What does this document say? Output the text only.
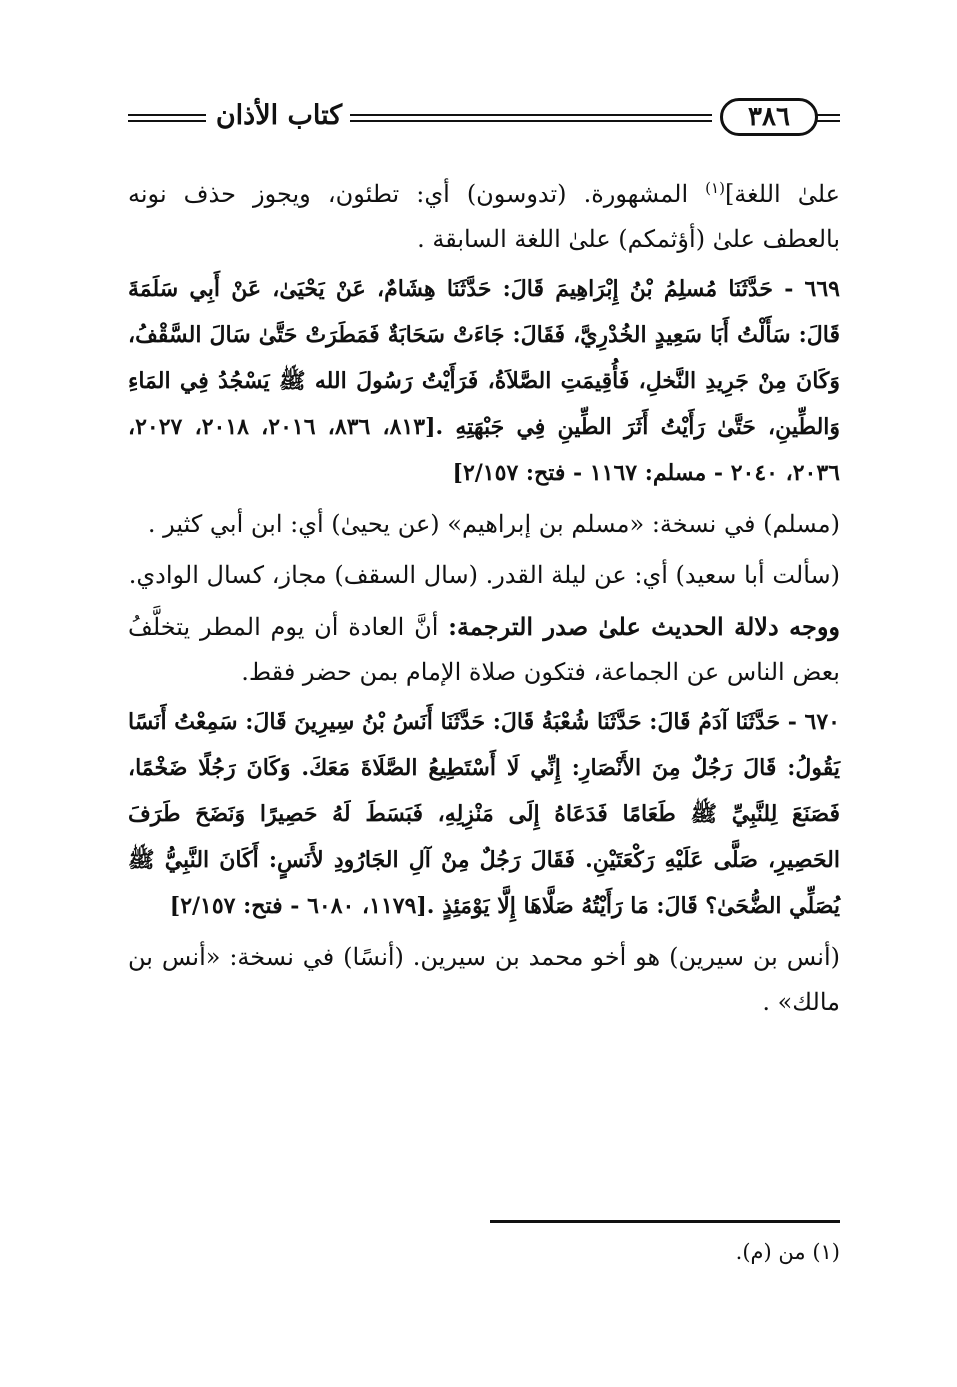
كتاب الأذان	٣٨٦

علىٰ اللغة]$^{(١)}$ المشهورة. (تدوسون) أي: تطئون، ويجوز حذف نونه بالعطف علىٰ (أؤثمكم) علىٰ اللغة السابقة .

٦٦٩ - حَدَّثَنَا مُسلِمُ بْنُ إِبْرَاهِيمَ قَالَ: حَدَّثَنَا هِشَامٌ، عَنْ يَحْيَىٰ، عَنْ أَبِي سَلَمَةَ قَالَ: سَأَلْتُ أَبَا سَعِيدٍ الخُدْرِيَّ، فَقَالَ: جَاءَتْ سَحَابَةٌ فَمَطَرَتْ حَتَّىٰ سَالَ السَّقْفُ، وَكَانَ مِنْ جَرِيدِ النَّخلِ، فَأُقِيمَتِ الصَّلاَةُ، فَرَأَيْتُ رَسُولَ الله ﷺ يَسْجُدُ فِي المَاءِ وَالطِّينِ، حَتَّىٰ رَأَيْتُ أَثَرَ الطِّينِ فِي جَبْهَتِهِ .[٨١٣، ٨٣٦، ٢٠١٦، ٢٠١٨، ٢٠٢٧، ٢٠٣٦، ٢٠٤٠ - مسلم: ١١٦٧ - فتح: ٢/١٥٧]

(مسلم) في نسخة: «مسلم بن إبراهيم» (عن يحيىٰ) أي: ابن أبي كثير .

(سألت أبا سعيد) أي: عن ليلة القدر. (سال السقف) مجاز، كسال الوادي.

ووجه دلالة الحديث علىٰ صدر الترجمة: أنَّ العادة أن يوم المطر يتخلَّفُ بعض الناس عن الجماعة، فتكون صلاة الإمام بمن حضر فقط.

٦٧٠ - حَدَّثَنَا آدَمُ قَالَ: حَدَّثَنَا شُعْبَةُ قَالَ: حَدَّثَنَا أَنَسُ بْنُ سِيرِينَ قَالَ: سَمِعْتُ أَنَسًا يَقُولُ: قَالَ رَجُلٌ مِنَ الأَنْصَارِ: إِنِّي لَا أَسْتَطِيعُ الصَّلَاةَ مَعَكَ. وَكَانَ رَجُلًا ضَخْمًا، فَصَنَعَ لِلنَّبِيِّ ﷺ طَعَامًا فَدَعَاهُ إِلَى مَنْزِلِهِ، فَبَسَطَ لَهُ حَصِيرًا وَنَضَحَ طَرَفَ الحَصِيرِ، صَلَّى عَلَيْهِ رَكْعَتَيْنِ. فَقَالَ رَجُلٌ مِنْ آلِ الجَارُودِ لأَنَسٍ: أَكَانَ النَّبِيُّ ﷺ يُصَلِّي الضُّحَىٰ؟ قَالَ: مَا رَأَيْتُهُ صَلَّاهَا إِلَّا يَوْمَئِذٍ .[١١٧٩، ٦٠٨٠ - فتح: ٢/١٥٧]

(أنس بن سيرين) هو أخو محمد بن سيرين. (أنسًا) في نسخة: «أنس بن مالك» .

(١) من (م).
